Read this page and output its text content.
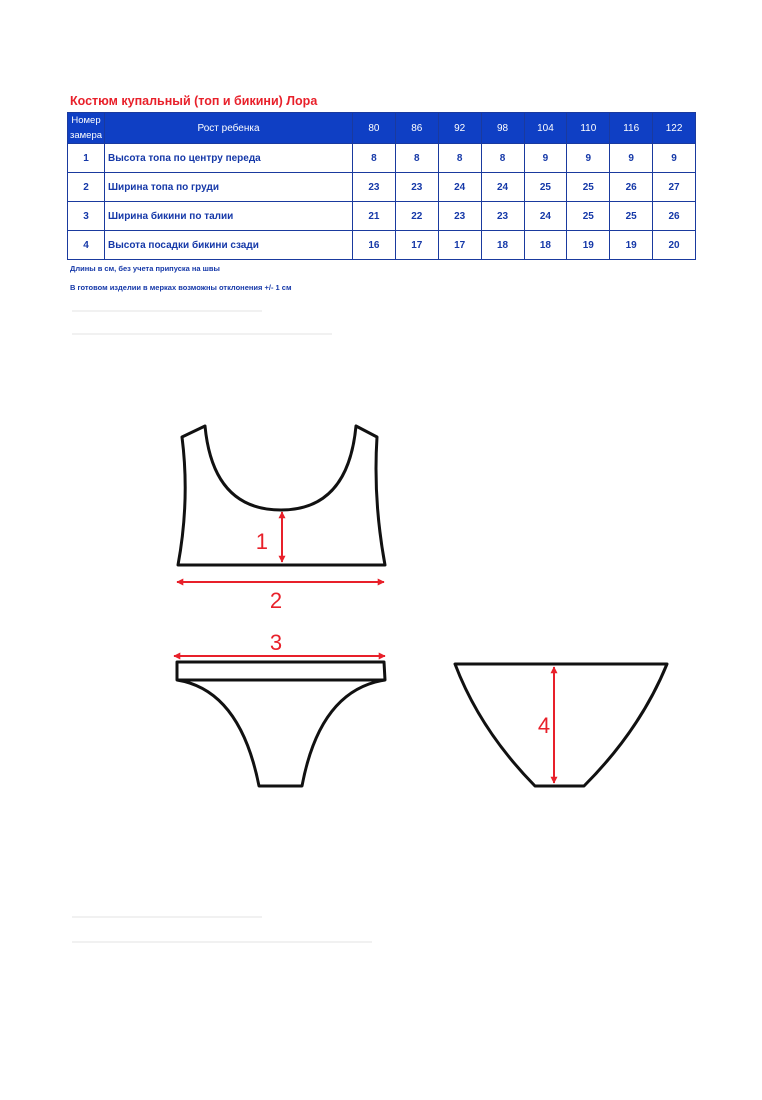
Костюм купальный (топ и бикини) Лора
Номер замера	Рост ребенка	80	86	92	98	104	110	116	122
1	Высота топа по центру переда	8	8	8	8	9	9	9	9
2	Ширина топа по груди	23	23	24	24	25	25	26	27
3	Ширина бикини по талии	21	22	23	23	24	25	25	26
4	Высота посадки бикини сзади	16	17	17	18	18	19	19	20
Длины в см, без учета припуска на швы
В готовом изделии в мерках возможны отклонения +/- 1 см
1
2
3
4
